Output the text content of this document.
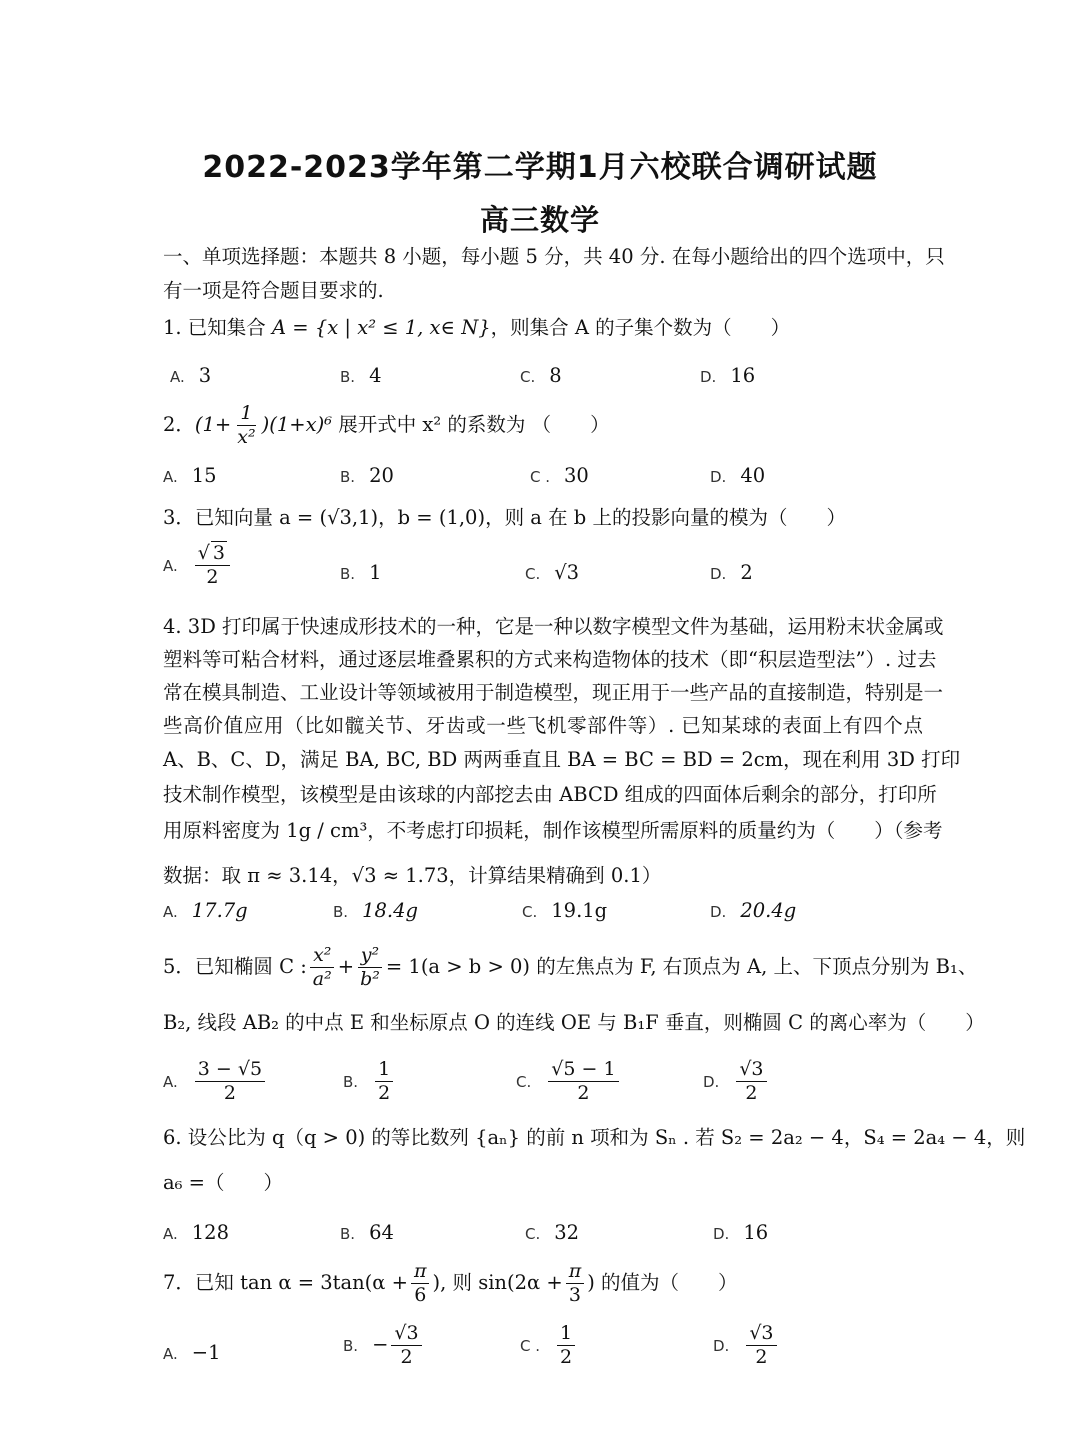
2022-2023学年第二学期1月六校联合调研试题
高三数学
一、单项选择题：本题共 8 小题，每小题 5 分，共 40 分. 在每小题给出的四个选项中，只
有一项是符合题目要求的.
1. 已知集合 A = {x | x² ≤ 1, x∈ N}，则集合 A 的子集个数为（　　）
A. 3	B. 4	C. 8	D. 16
2．$(1+ \frac{1}{\text{x²}} )(1+x)^6$ 展开式中 x² 的系数为 （　　）
A. 15	B. 20	C . 30	D. 40
3．已知向量 a = (√3,1)，b = (1,0)，则 a 在 b 上的投影向量的模为（　　）
A. $\frac{√ 3}{2}$	B. 1	C. √3	D. 2
4. 3D 打印属于快速成形技术的一种，它是一种以数字模型文件为基础，运用粉末状金属或
塑料等可粘合材料，通过逐层堆叠累积的方式来构造物体的技术（即“积层造型法”）. 过去
常在模具制造、工业设计等领域被用于制造模型，现正用于一些产品的直接制造，特别是一
些高价值应用（比如髋关节、牙齿或一些飞机零部件等）. 已知某球的表面上有四个点
A、B、C、D，满足 BA, BC, BD 两两垂直且 BA = BC = BD = 2cm，现在利用 3D 打印
技术制作模型，该模型是由该球的内部挖去由 ABCD 组成的四面体后剩余的部分，打印所
用原料密度为 1g / cm³，不考虑打印损耗，制作该模型所需原料的质量约为（　　）（参考
数据：取 π ≈ 3.14，√3 ≈ 1.73，计算结果精确到 0.1）
A. 17.7g	B. 18.4g	C. 19.1g	D. 20.4g
5．已知椭圆 C : $\frac{\text{x²}}{\text{a²}} + \frac{\text{y²}}{\text{b²}} = 1(a > b > 0)$ 的左焦点为 F, 右顶点为 A, 上、下顶点分别为 B₁、
B₂, 线段 AB₂ 的中点 E 和坐标原点 O 的连线 OE 与 B₁F 垂直，则椭圆 C 的离心率为（　　）
A. $\frac{3 - √5}{2}$	B. $\frac{1}{2}$	C. $\frac{√5 - 1}{2}$	D. $\frac{√3}{2}$
6. 设公比为 q（q > 0) 的等比数列 {aₙ} 的前 n 项和为 Sₙ . 若 S₂ = 2a₂ − 4，S₄ = 2a₄ − 4，则
a₆ =（　　）
A. 128	B. 64	C. 32	D. 16
7．已知 $\tan \alpha = 3\tan(\alpha + \frac{\pi}{6}$ ), 则 $\sin(2\alpha + \frac{\pi}{3}$ ) 的值为（　　）
A. −1	B. − $\frac{√3}{2}$	C . $\frac{1}{2}$	D. $\frac{√3}{2}$
